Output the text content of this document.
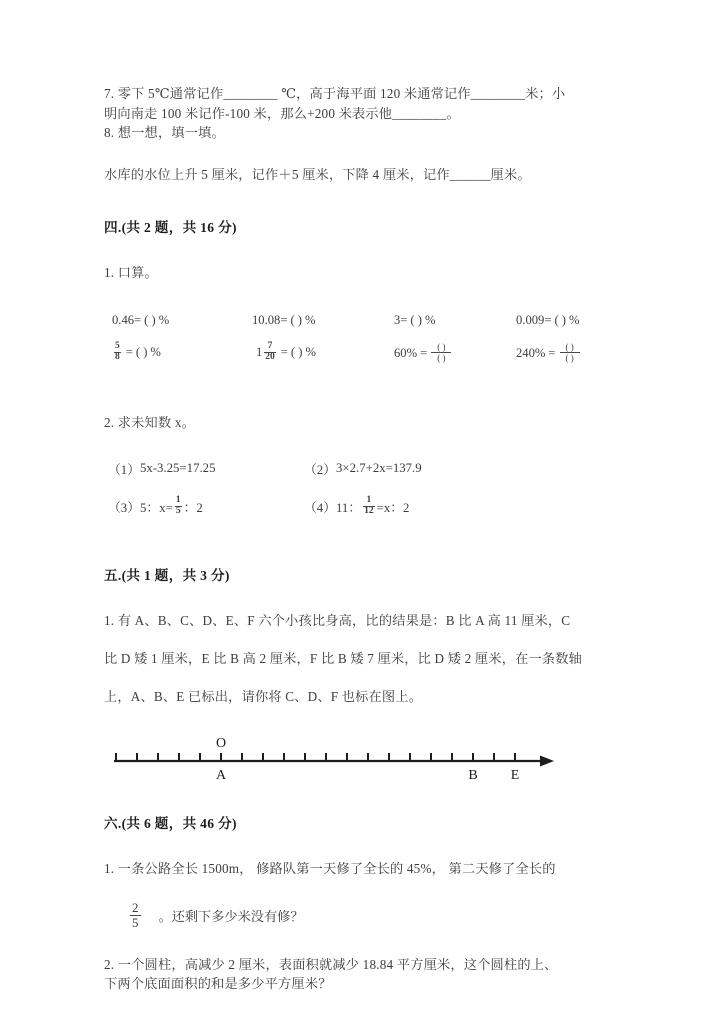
7. 零下 5℃通常记作________ ℃，高于海平面 120 米通常记作________米；小
明向南走 100 米记作-100 米，那么+200 米表示他________。
8. 想一想，填一填。
水库的水位上升 5 厘米，记作＋5 厘米，下降 4 厘米，记作______厘米。
四.(共 2 题，共 16 分)
1. 口算。
0.46= ( ) %	10.08= ( ) %	3= ( ) %	0.009= ( ) %
$\frac{5}{8}$ = ( ) %	$1 \frac{7}{20}$ = ( ) %	$60\% = \frac{( )}{( )}$	$240\% = \frac{( )}{( )}$
2. 求未知数 x。
（1） 5x-3.25=17.25	（2） 3×2.7+2x=137.9
（3） 5：$x= \frac{1}{5}$ ：2	（4） 11： $\frac{1}{12} =x$：2
五.(共 1 题，共 3 分)
1. 有 A、B、C、D、E、F 六个小孩比身高，比的结果是：B 比 A 高 11 厘米，C
比 D 矮 1 厘米，E 比 B 高 2 厘米，F 比 B 矮 7 厘米，比 D 矮 2 厘米，在一条数轴
上，A、B、E 已标出，请你将 C、D、F 也标在图上。
O
A	B E
六.(共 6 题，共 46 分)
1. 一条公路全长 1500m， 修路队第一天修了全长的 45%， 第二天修了全长的
$\frac{2}{5}$ 。还剩下多少米没有修？
2. 一个圆柱，高减少 2 厘米，表面积就减少 18.84 平方厘米，这个圆柱的上、
下两个底面面积的和是多少平方厘米？
